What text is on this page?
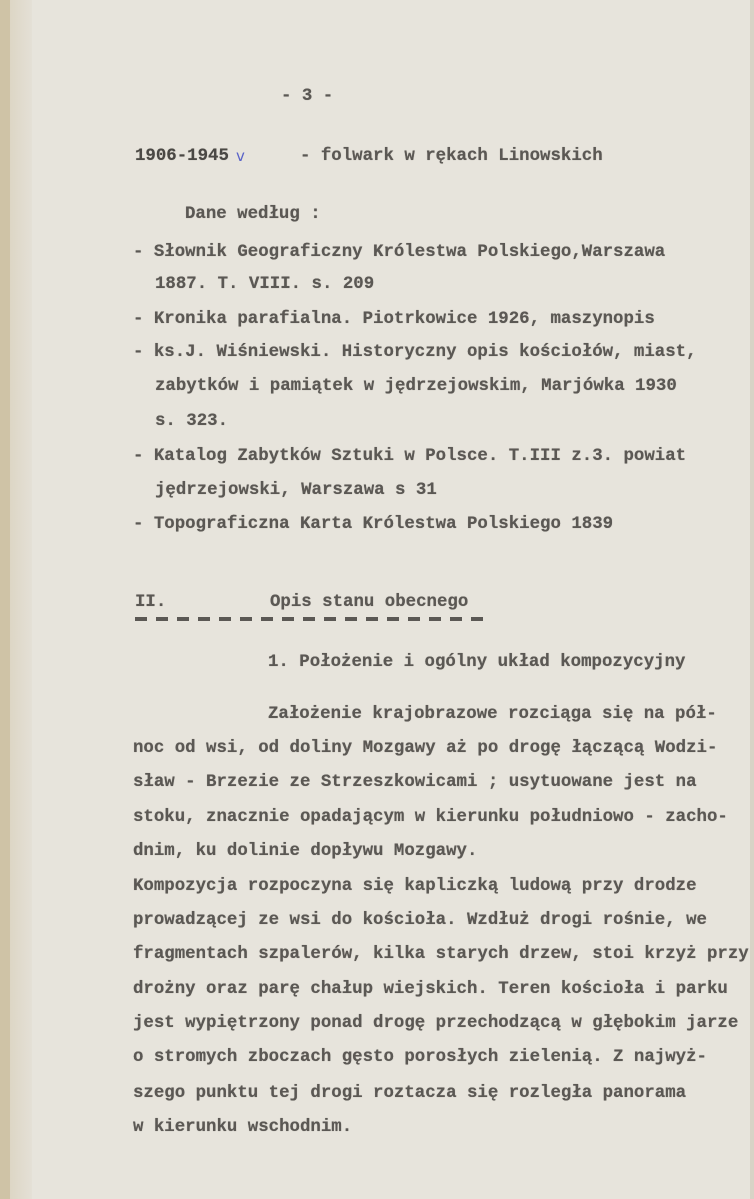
- 3 -
1906-1945 v	- folwark w rękach Linowskich
Dane według :
- Słownik Geograficzny Królestwa Polskiego,Warszawa
1887. T. VIII. s. 209
- Kronika parafialna. Piotrkowice 1926, maszynopis
- ks.J. Wiśniewski. Historyczny opis kościołów, miast,
zabytków i pamiątek w jędrzejowskim, Marjówka 1930
s. 323.
- Katalog Zabytków Sztuki w Polsce. T.III z.3. powiat
jędrzejowski, Warszawa s 31
- Topograficzna Karta Królestwa Polskiego 1839
II.	Opis stanu obecnego
1. Położenie i ogólny układ kompozycyjny
Założenie krajobrazowe rozciąga się na pół-
noc od wsi, od doliny Mozgawy aż po drogę łączącą Wodzi-
sław - Brzezie ze Strzeszkowicami ; usytuowane jest na
stoku, znacznie opadającym w kierunku południowo - zacho-
dnim, ku dolinie dopływu Mozgawy.
Kompozycja rozpoczyna się kapliczką ludową przy drodze
prowadzącej ze wsi do kościoła. Wzdłuż drogi rośnie, we
fragmentach szpalerów, kilka starych drzew, stoi krzyż przy
drożny oraz parę chałup wiejskich. Teren kościoła i parku
jest wypiętrzony ponad drogę przechodzącą w głębokim jarze
o stromych zboczach gęsto porosłych zielenią. Z najwyż-
szego punktu tej drogi roztacza się rozległa panorama
w kierunku wschodnim.
